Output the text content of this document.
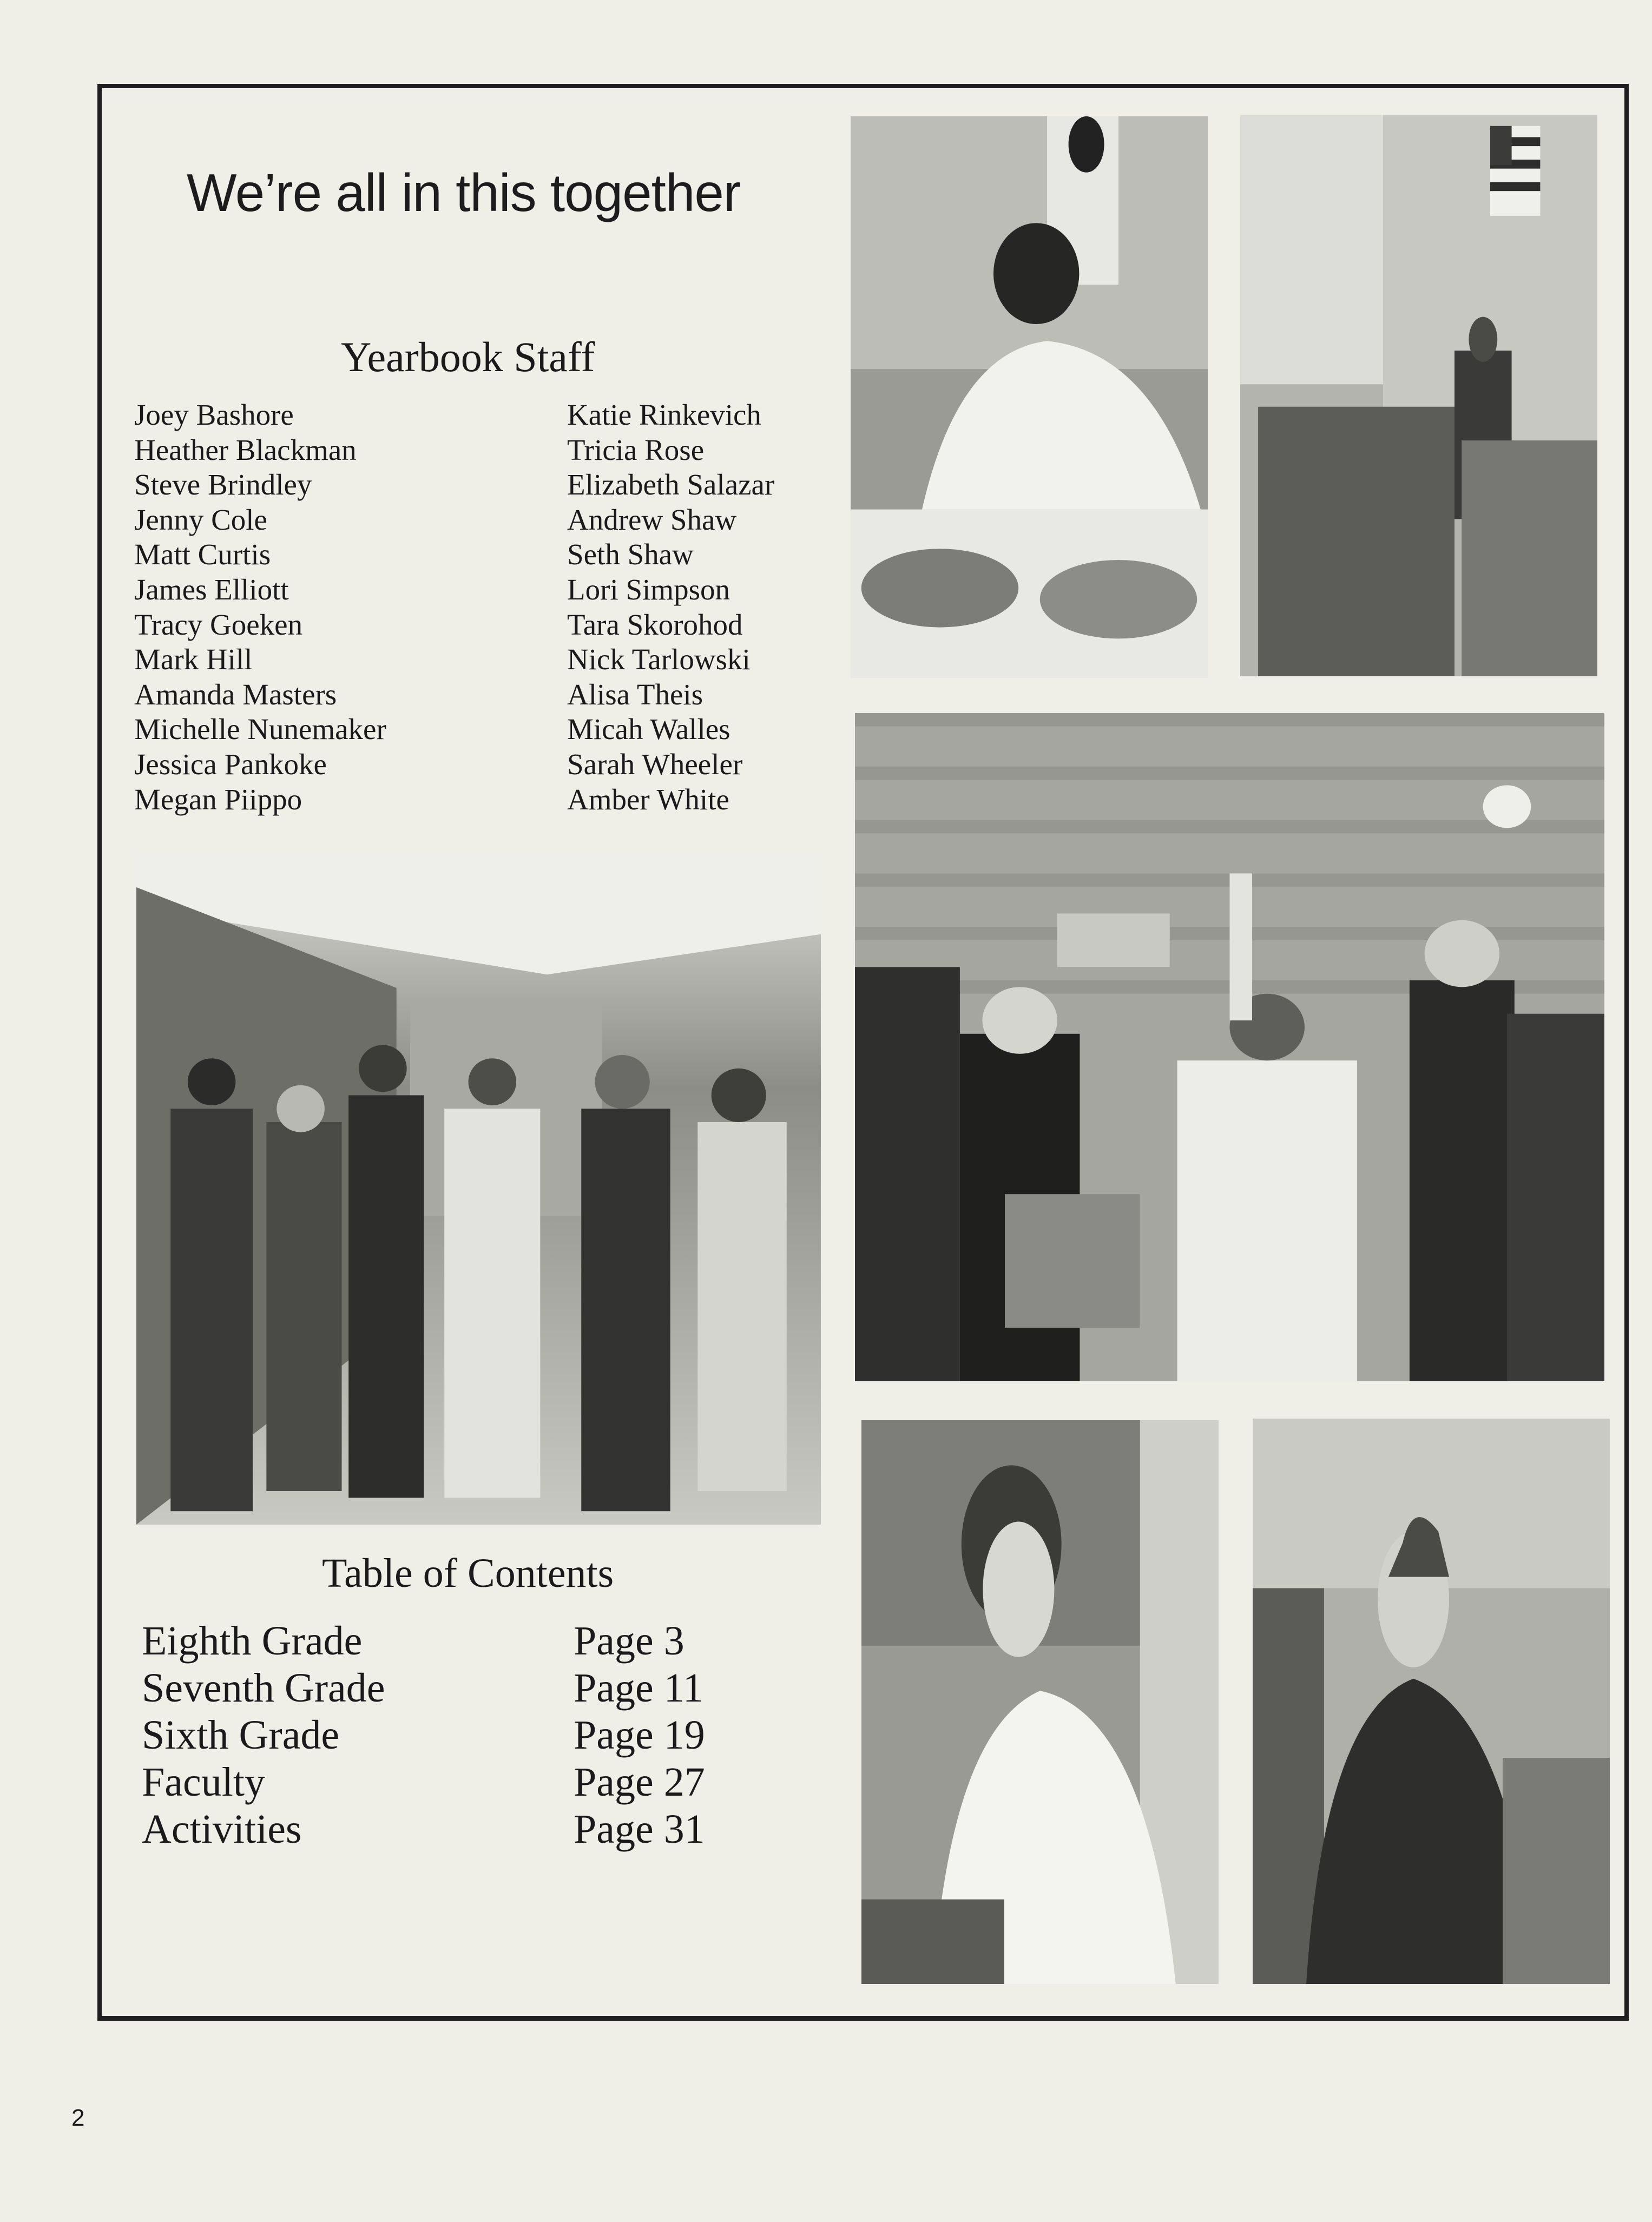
We’re all in this together
Yearbook Staff
Joey Bashore
Heather Blackman
Steve Brindley
Jenny Cole
Matt Curtis
James Elliott
Tracy Goeken
Mark Hill
Amanda Masters
Michelle Nunemaker
Jessica Pankoke
Megan Piippo
Katie Rinkevich
Tricia Rose
Elizabeth Salazar
Andrew Shaw
Seth Shaw
Lori Simpson
Tara Skorohod
Nick Tarlowski
Alisa Theis
Micah Walles
Sarah Wheeler
Amber White
Table of Contents
Eighth Grade	Page 3
Seventh Grade	Page 11
Sixth Grade	Page 19
Faculty	Page 27
Activities	Page 31
2
